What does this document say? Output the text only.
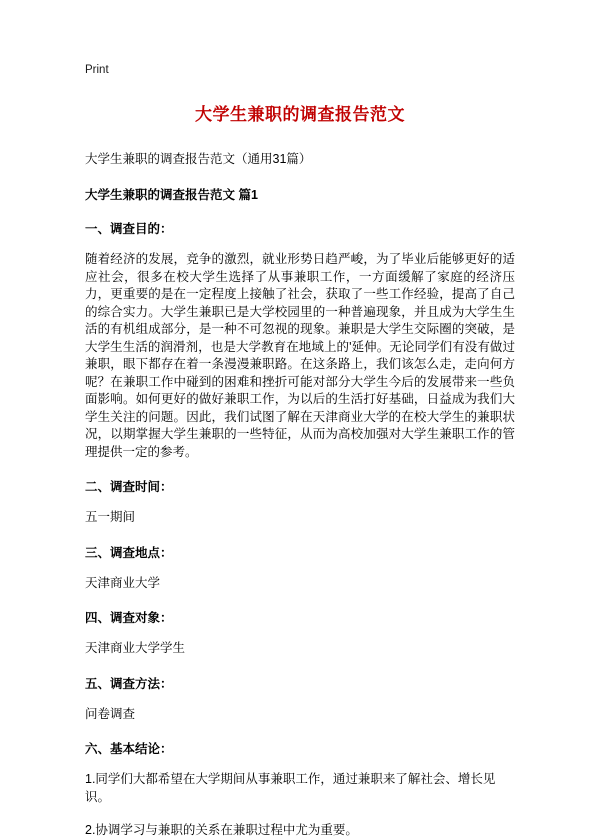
Print
大学生兼职的调查报告范文

大学生兼职的调查报告范文（通用31篇）

大学生兼职的调查报告范文 篇1

一、调查目的：

随着经济的发展，竞争的激烈，就业形势日趋严峻，为了毕业后能够更好的适应社会，很多在校大学生选择了从事兼职工作，一方面缓解了家庭的经济压力，更重要的是在一定程度上接触了社会，获取了一些工作经验，提高了自己的综合实力。大学生兼职已是大学校园里的一种普遍现象，并且成为大学生生活的有机组成部分，是一种不可忽视的现象。兼职是大学生交际圈的突破，是大学生生活的润滑剂，也是大学教育在地域上的'延伸。无论同学们有没有做过兼职，眼下都存在着一条漫漫兼职路。在这条路上，我们该怎么走，走向何方呢？在兼职工作中碰到的困难和挫折可能对部分大学生今后的发展带来一些负面影响。如何更好的做好兼职工作，为以后的生活打好基础，日益成为我们大学生关注的问题。因此，我们试图了解在天津商业大学的在校大学生的兼职状况，以期掌握大学生兼职的一些特征，从而为高校加强对大学生兼职工作的管理提供一定的参考。

二、调查时间：

五一期间

三、调查地点：

天津商业大学

四、调查对象：

天津商业大学学生

五、调查方法：

问卷调查

六、基本结论：

1.同学们大都希望在大学期间从事兼职工作，通过兼职来了解社会、增长见识。

2.协调学习与兼职的关系在兼职过程中尤为重要。
